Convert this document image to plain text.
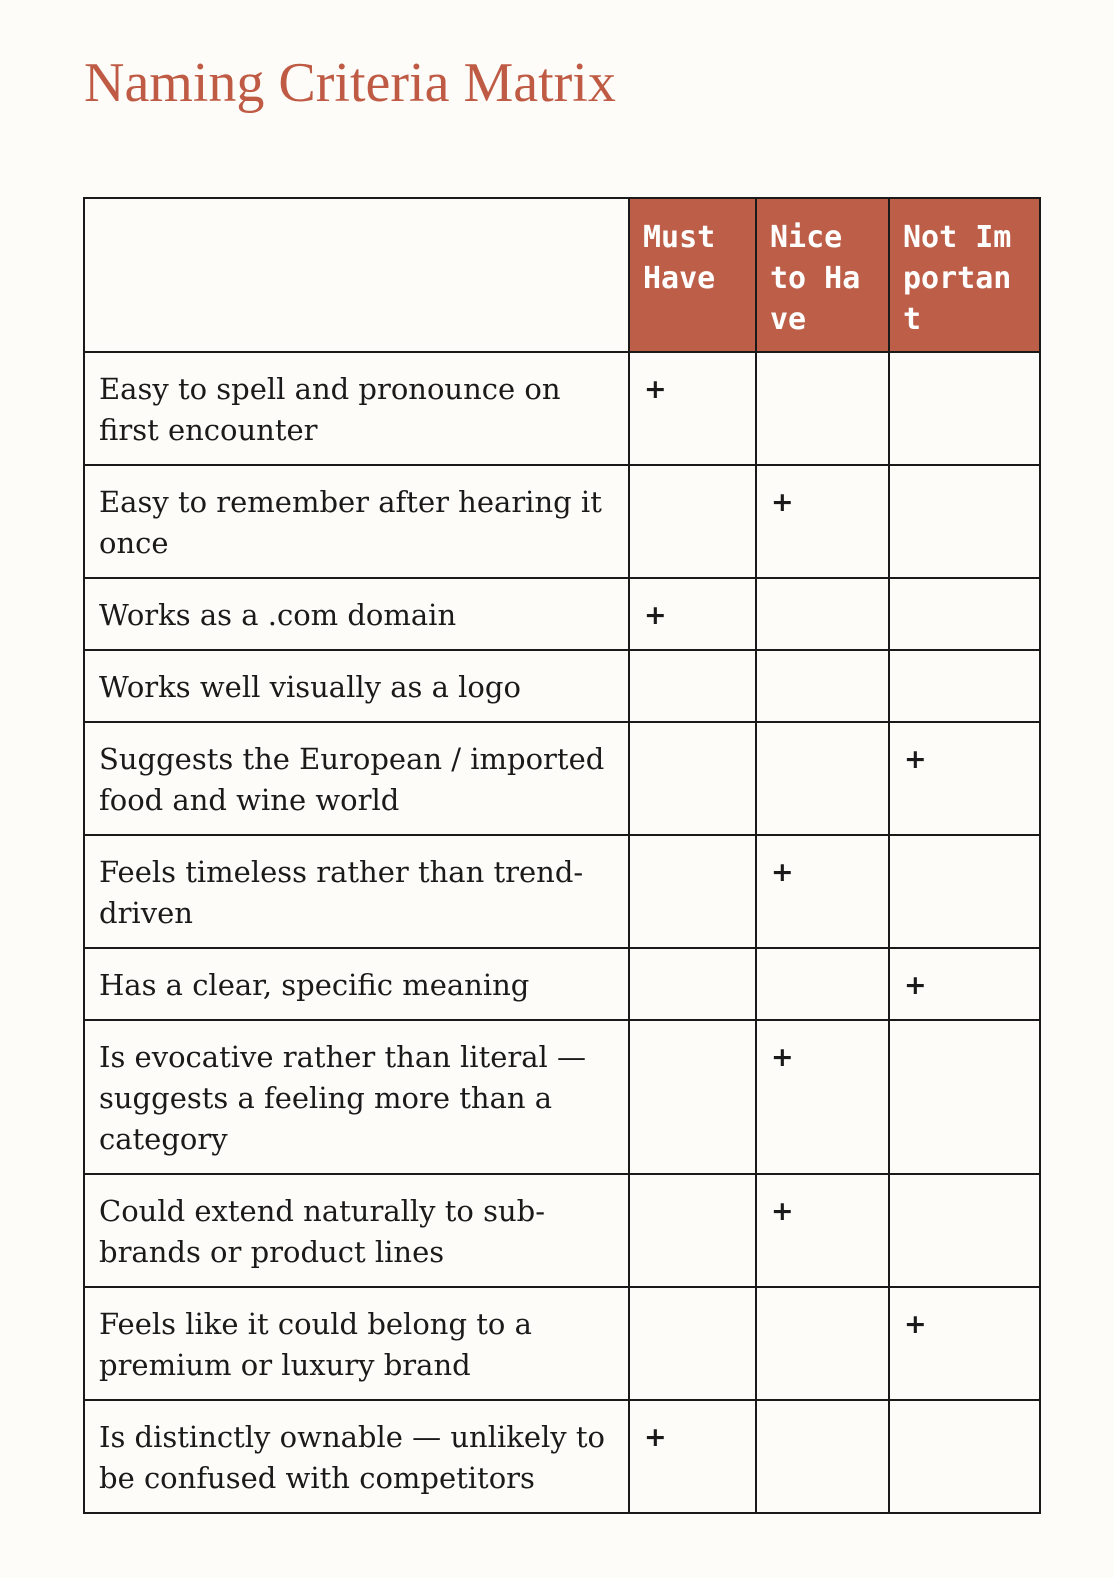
Naming Criteria Matrix
	Must Have	Nice to Have	Not Important
Easy to spell and pronounce on first encounter	+		
Easy to remember after hearing it once		+	
Works as a .com domain	+		
Works well visually as a logo			
Suggests the European / imported food and wine world			+
Feels timeless rather than trend-driven		+	
Has a clear, specific meaning			+
Is evocative rather than literal — suggests a feeling more than a category		+	
Could extend naturally to sub-brands or product lines		+	
Feels like it could belong to a premium or luxury brand			+
Is distinctly ownable — unlikely to be confused with competitors	+		
